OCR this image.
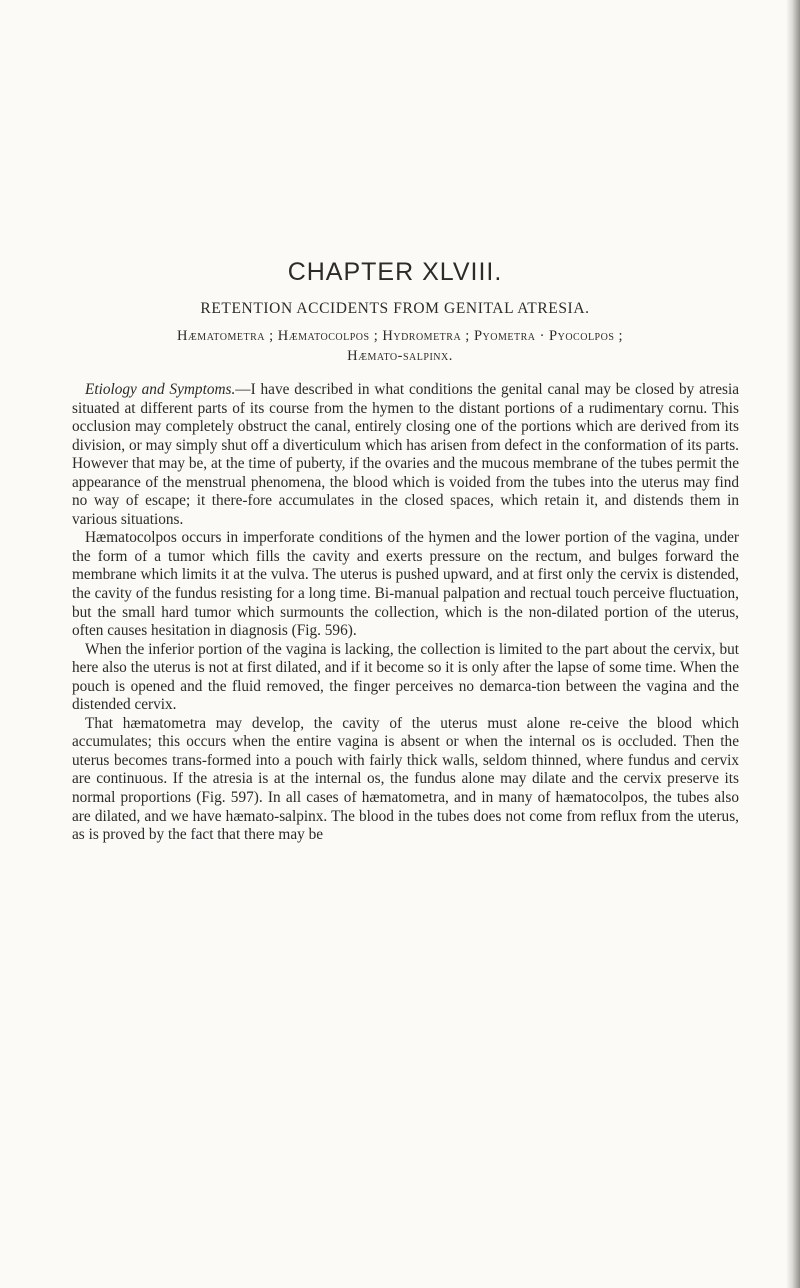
CHAPTER XLVIII.
RETENTION ACCIDENTS FROM GENITAL ATRESIA.
Hæmatometra ; Hæmatocolpos ; Hydrometra ; Pyometra · Pyocolpos ;
Hæmato-salpinx.

Etiology and Symptoms.—I have described in what conditions the genital canal may be closed by atresia situated at different parts of its course from the hymen to the distant portions of a rudimentary cornu. This occlusion may completely obstruct the canal, entirely closing one of the portions which are derived from its division, or may simply shut off a diverticulum which has arisen from defect in the conformation of its parts. However that may be, at the time of puberty, if the ovaries and the mucous membrane of the tubes permit the appearance of the menstrual phenomena, the blood which is voided from the tubes into the uterus may find no way of escape; it there-fore accumulates in the closed spaces, which retain it, and distends them in various situations.

Hæmatocolpos occurs in imperforate conditions of the hymen and the lower portion of the vagina, under the form of a tumor which fills the cavity and exerts pressure on the rectum, and bulges forward the membrane which limits it at the vulva. The uterus is pushed upward, and at first only the cervix is distended, the cavity of the fundus resisting for a long time. Bi-manual palpation and rectual touch perceive fluctuation, but the small hard tumor which surmounts the collection, which is the non-dilated portion of the uterus, often causes hesitation in diagnosis (Fig. 596).

When the inferior portion of the vagina is lacking, the collection is limited to the part about the cervix, but here also the uterus is not at first dilated, and if it become so it is only after the lapse of some time. When the pouch is opened and the fluid removed, the finger perceives no demarca-tion between the vagina and the distended cervix.

That hæmatometra may develop, the cavity of the uterus must alone re-ceive the blood which accumulates; this occurs when the entire vagina is absent or when the internal os is occluded. Then the uterus becomes trans-formed into a pouch with fairly thick walls, seldom thinned, where fundus and cervix are continuous. If the atresia is at the internal os, the fundus alone may dilate and the cervix preserve its normal proportions (Fig. 597). In all cases of hæmatometra, and in many of hæmatocolpos, the tubes also are dilated, and we have hæmato-salpinx. The blood in the tubes does not come from reflux from the uterus, as is proved by the fact that there may be
